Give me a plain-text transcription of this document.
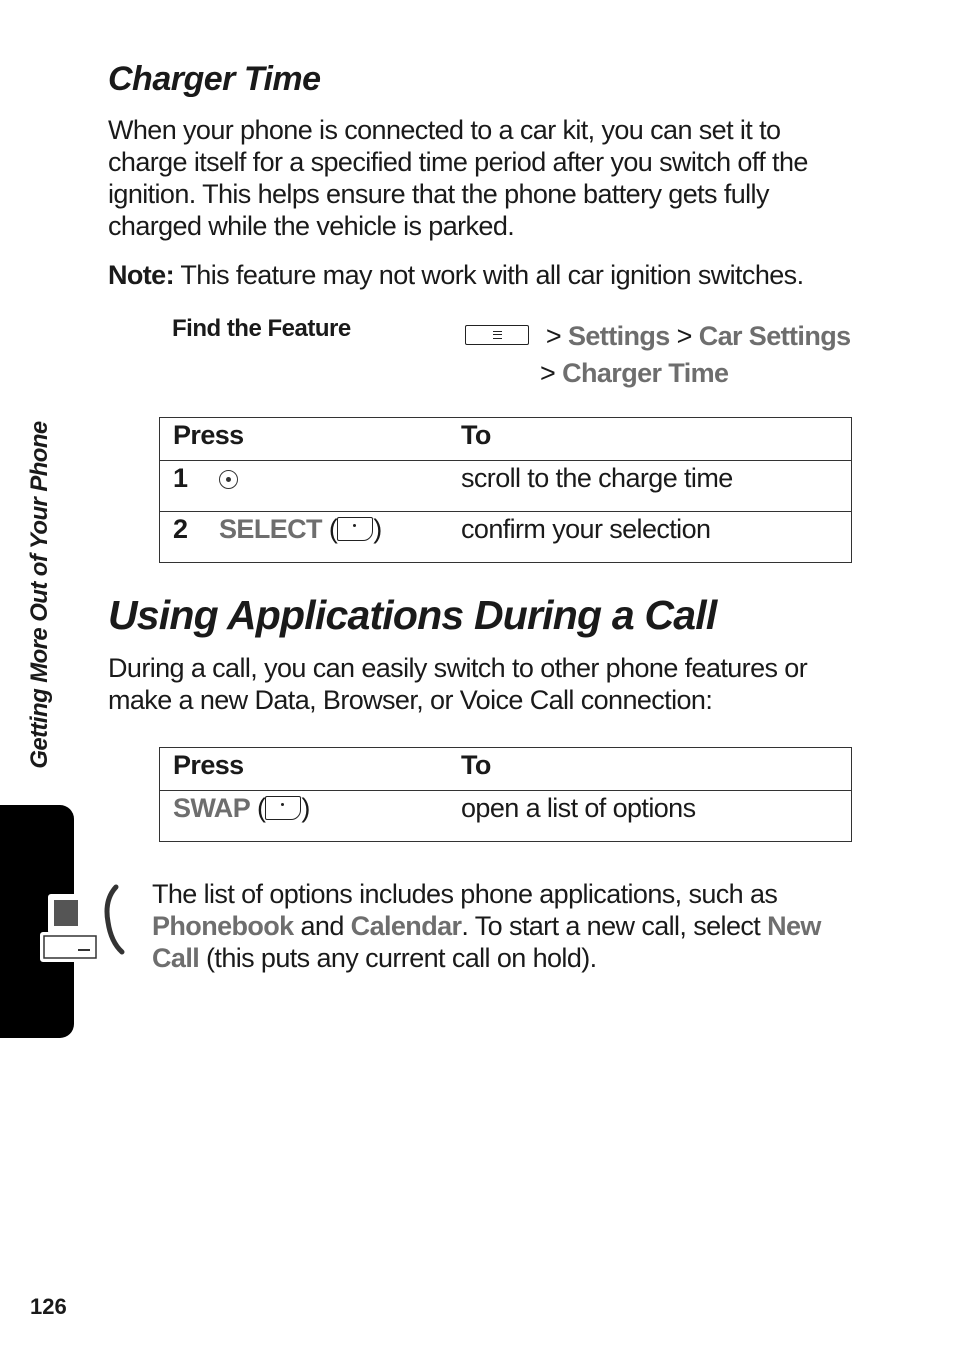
Getting More Out of Your Phone
Charger Time
When your phone is connected to a car kit, you can set it to charge itself for a specified time period after you switch off the ignition. This helps ensure that the phone battery gets fully charged while the vehicle is parked.
Note: This feature may not work with all car ignition switches.
Find the Feature	> Settings > Car Settings
> Charger Time
Press	To
1	scroll to the charge time
2 SELECT ( )	confirm your selection
Using Applications During a Call
During a call, you can easily switch to other phone features or make a new Data, Browser, or Voice Call connection:
Press	To
SWAP ( )	open a list of options
The list of options includes phone applications, such as Phonebook and Calendar. To start a new call, select New Call (this puts any current call on hold).
126
